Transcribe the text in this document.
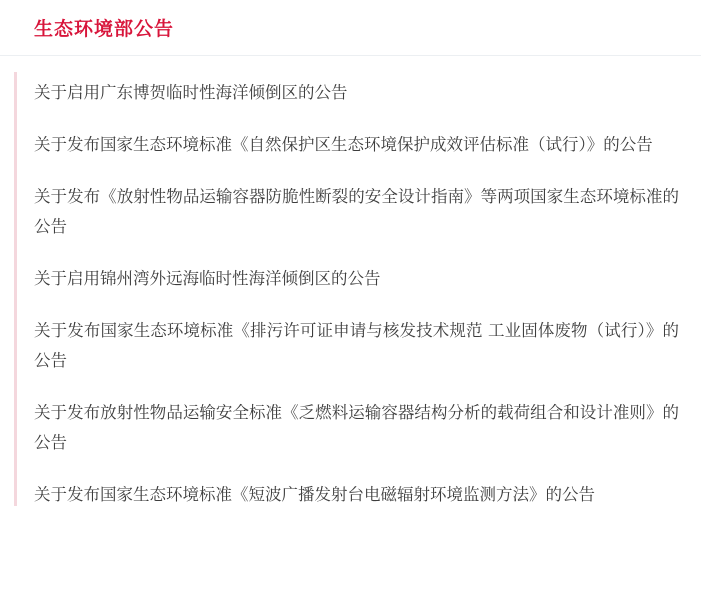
生态环境部公告
关于启用广东博贺临时性海洋倾倒区的公告
关于发布国家生态环境标准《自然保护区生态环境保护成效评估标准（试行）》的公告
关于发布《放射性物品运输容器防脆性断裂的安全设计指南》等两项国家生态环境标准的公告
关于启用锦州湾外远海临时性海洋倾倒区的公告
关于发布国家生态环境标准《排污许可证申请与核发技术规范 工业固体废物（试行）》的公告
关于发布放射性物品运输安全标准《乏燃料运输容器结构分析的载荷组合和设计准则》的公告
关于发布国家生态环境标准《短波广播发射台电磁辐射环境监测方法》的公告
